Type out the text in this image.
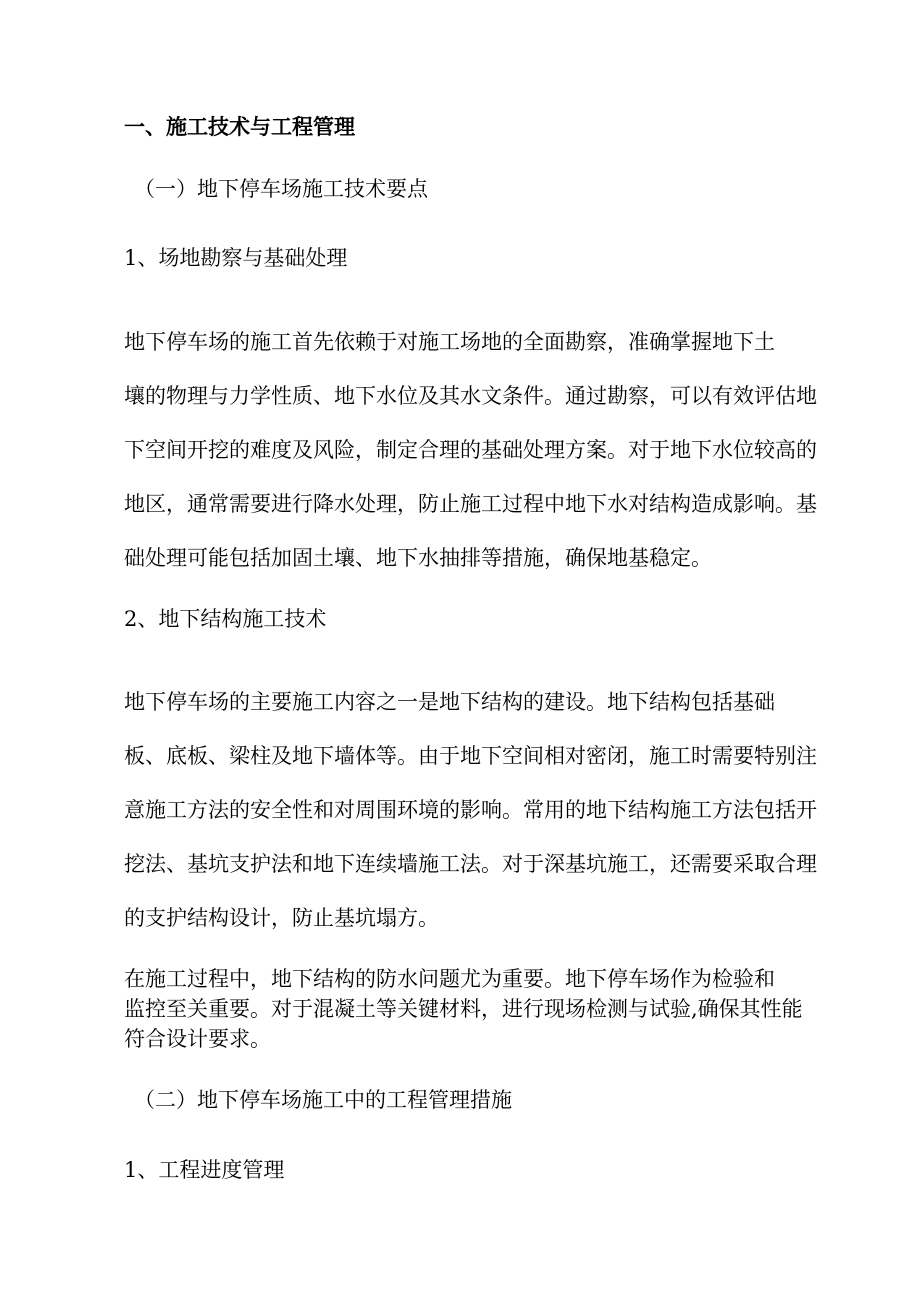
一、施工技术与工程管理
（一）地下停车场施工技术要点
1、场地勘察与基础处理
地下停车场的施工首先依赖于对施工场地的全面勘察，准确掌握地下土
壤的物理与力学性质、地下水位及其水文条件。通过勘察，可以有效评估地
下空间开挖的难度及风险，制定合理的基础处理方案。对于地下水位较高的
地区，通常需要进行降水处理，防止施工过程中地下水对结构造成影响。基
础处理可能包括加固土壤、地下水抽排等措施，确保地基稳定。
2、地下结构施工技术
地下停车场的主要施工内容之一是地下结构的建设。地下结构包括基础
板、底板、梁柱及地下墙体等。由于地下空间相对密闭，施工时需要特别注
意施工方法的安全性和对周围环境的影响。常用的地下结构施工方法包括开
挖法、基坑支护法和地下连续墙施工法。对于深基坑施工，还需要采取合理
的支护结构设计，防止基坑塌方。
在施工过程中，地下结构的防水问题尤为重要。地下停车场作为检验和
监控至关重要。对于混凝土等关键材料，进行现场检测与试验,确保其性能
符合设计要求。
（二）地下停车场施工中的工程管理措施
1、工程进度管理
